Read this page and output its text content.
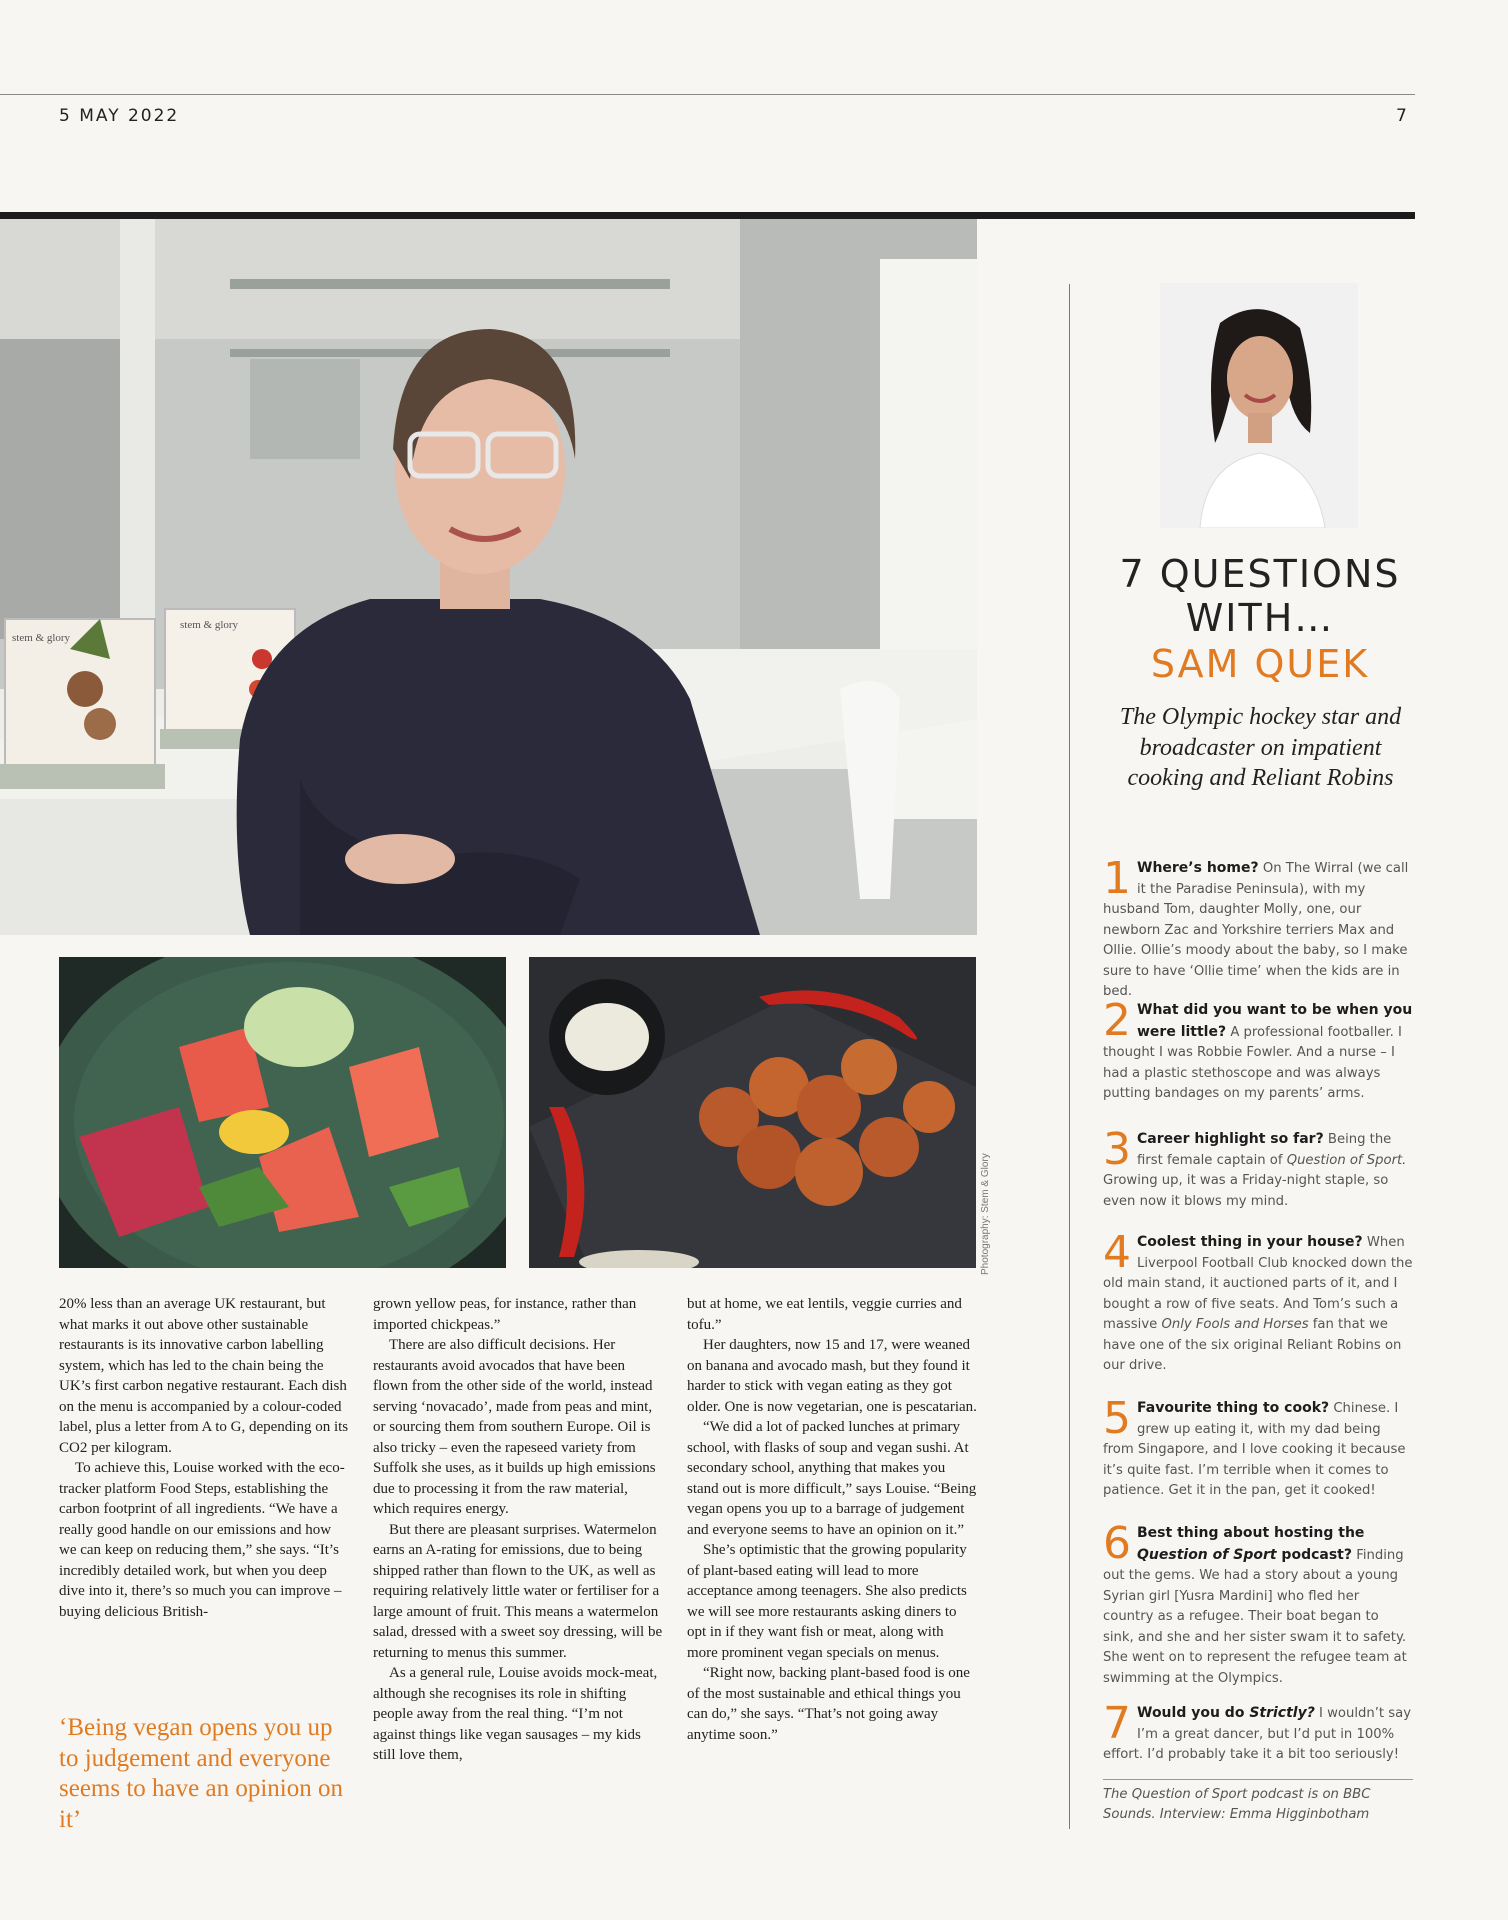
5 MAY 2022	7
stem & glory
stem & glory
Photography: Stem & Glory

20% less than an average UK restaurant, but what marks it out above other sustainable restaurants is its innovative carbon labelling system, which has led to the chain being the UK’s first carbon negative restaurant. Each dish on the menu is accompanied by a colour-coded label, plus a letter from A to G, depending on its CO2 per kilogram.

To achieve this, Louise worked with the eco-tracker platform Food Steps, establishing the carbon footprint of all ingredients. “We have a really good handle on our emissions and how we can keep on reducing them,” she says. “It’s incredibly detailed work, but when you deep dive into it, there’s so much you can improve – buying delicious British-

grown yellow peas, for instance, rather than imported chickpeas.”

There are also difficult decisions. Her restaurants avoid avocados that have been flown from the other side of the world, instead serving ‘novacado’, made from peas and mint, or sourcing them from southern Europe. Oil is also tricky – even the rapeseed variety from Suffolk she uses, as it builds up high emissions due to processing it from the raw material, which requires energy.

But there are pleasant surprises. Watermelon earns an A-rating for emissions, due to being shipped rather than flown to the UK, as well as requiring relatively little water or fertiliser for a large amount of fruit. This means a watermelon salad, dressed with a sweet soy dressing, will be returning to menus this summer.

As a general rule, Louise avoids mock-meat, although she recognises its role in shifting people away from the real thing. “I’m not against things like vegan sausages – my kids still love them,

but at home, we eat lentils, veggie curries and tofu.”

Her daughters, now 15 and 17, were weaned on banana and avocado mash, but they found it harder to stick with vegan eating as they got older. One is now vegetarian, one is pescatarian.

“We did a lot of packed lunches at primary school, with flasks of soup and vegan sushi. At secondary school, anything that makes you stand out is more difficult,” says Louise. “Being vegan opens you up to a barrage of judgement and everyone seems to have an opinion on it.”

She’s optimistic that the growing popularity of plant-based eating will lead to more acceptance among teenagers. She also predicts we will see more restaurants asking diners to opt in if they want fish or meat, along with more prominent vegan specials on menus.

“Right now, backing plant-based food is one of the most sustainable and ethical things you can do,” she says. “That’s not going away anytime soon.”

‘Being vegan opens you up to judgement and everyone seems to have an opinion on it’
7 QUESTIONS
WITH…
SAM QUEK
The Olympic hockey star and broadcaster on impatient cooking and Reliant Robins
1 Where’s home? On The Wirral (we call it the Paradise Peninsula), with my husband Tom, daughter Molly, one, our newborn Zac and Yorkshire terriers Max and Ollie. Ollie’s moody about the baby, so I make sure to have ‘Ollie time’ when the kids are in bed.
2 What did you want to be when you were little? A professional footballer. I thought I was Robbie Fowler. And a nurse – I had a plastic stethoscope and was always putting bandages on my parents’ arms.
3 Career highlight so far? Being the first female captain of Question of Sport. Growing up, it was a Friday-night staple, so even now it blows my mind.
4 Coolest thing in your house? When Liverpool Football Club knocked down the old main stand, it auctioned parts of it, and I bought a row of five seats. And Tom’s such a massive Only Fools and Horses fan that we have one of the six original Reliant Robins on our drive.
5 Favourite thing to cook? Chinese. I grew up eating it, with my dad being from Singapore, and I love cooking it because it’s quite fast. I’m terrible when it comes to patience. Get it in the pan, get it cooked!
6 Best thing about hosting the Question of Sport podcast? Finding out the gems. We had a story about a young Syrian girl [Yusra Mardini] who fled her country as a refugee. Their boat began to sink, and she and her sister swam it to safety. She went on to represent the refugee team at swimming at the Olympics.
7 Would you do Strictly? I wouldn’t say I’m a great dancer, but I’d put in 100% effort. I’d probably take it a bit too seriously!
The Question of Sport podcast is on BBC Sounds. Interview: Emma Higginbotham
